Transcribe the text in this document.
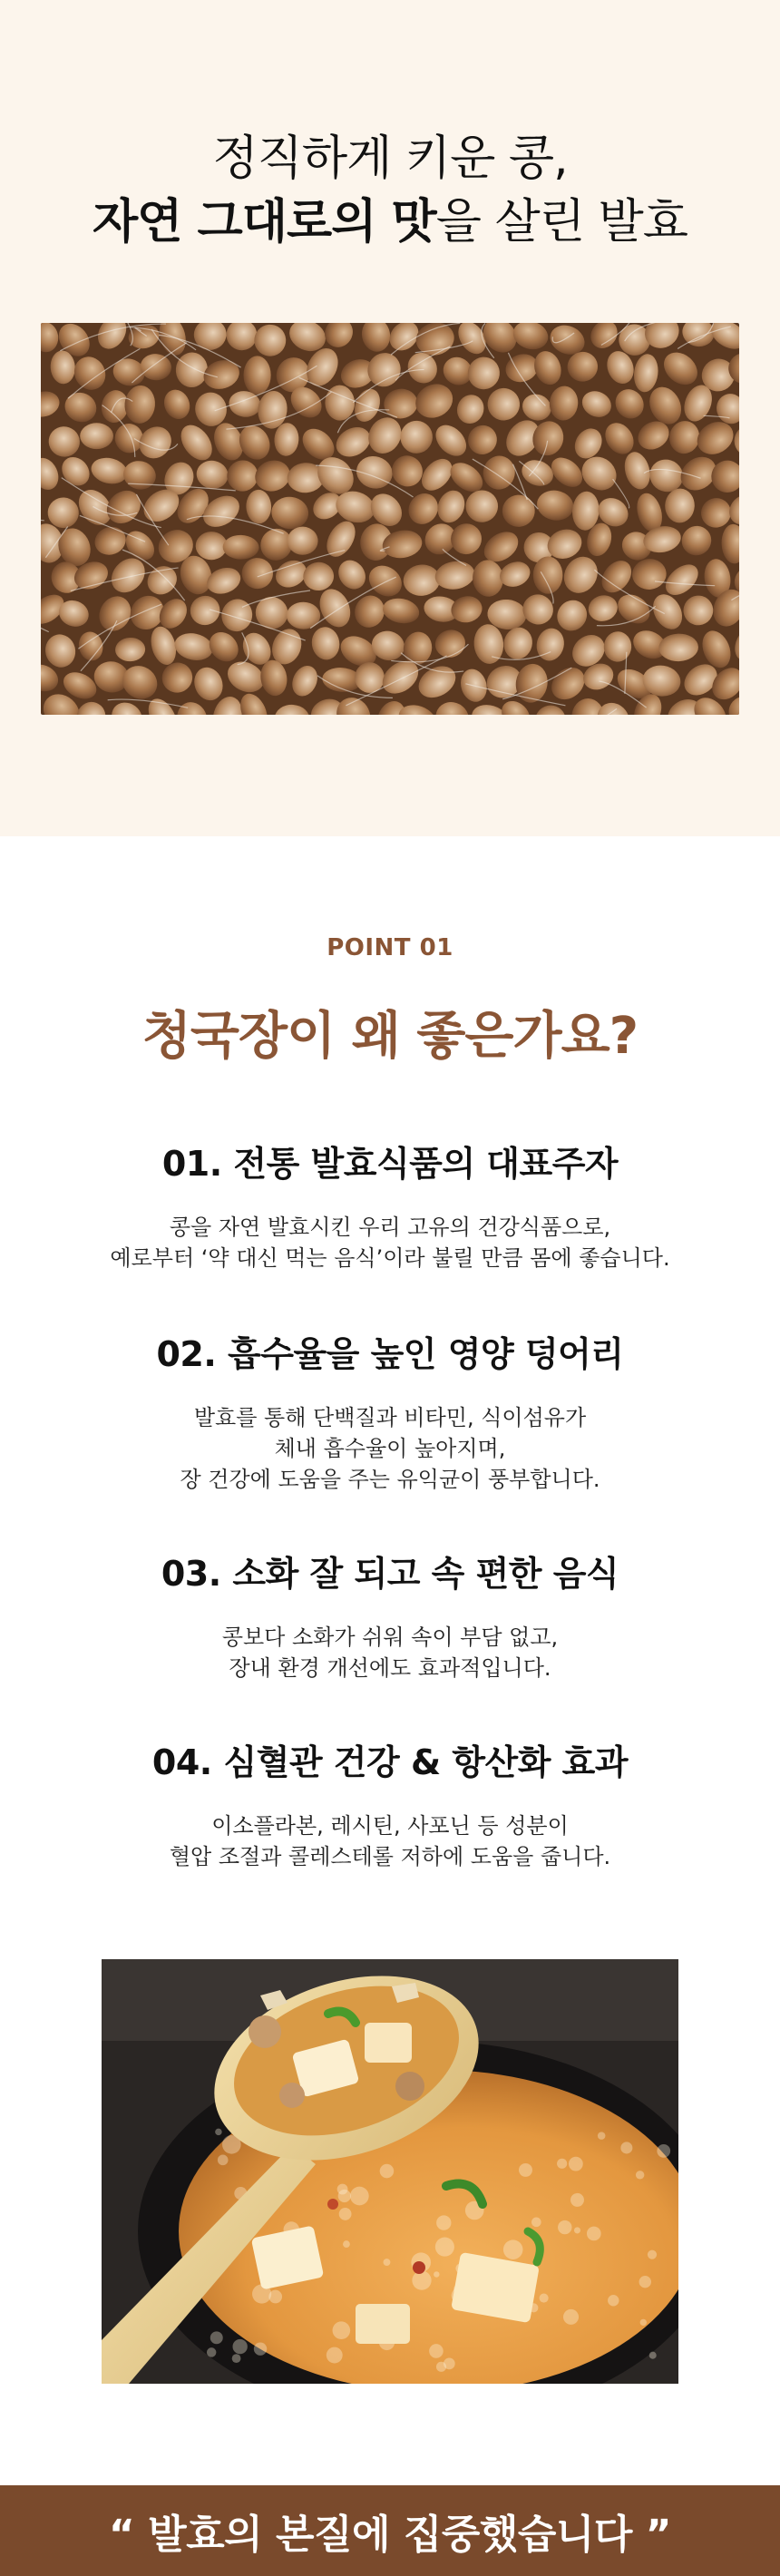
정직하게 키운 콩,
자연 그대로의 맛을 살린 발효
POINT 01
청국장이 왜 좋은가요?
01. 전통 발효식품의 대표주자

콩을 자연 발효시킨 우리 고유의 건강식품으로,
예로부터 ‘약 대신 먹는 음식’이라 불릴 만큼 몸에 좋습니다.

02. 흡수율을 높인 영양 덩어리

발효를 통해 단백질과 비타민, 식이섬유가
체내 흡수율이 높아지며,
장 건강에 도움을 주는 유익균이 풍부합니다.

03. 소화 잘 되고 속 편한 음식

콩보다 소화가 쉬워 속이 부담 없고,
장내 환경 개선에도 효과적입니다.

04. 심혈관 건강 & 항산화 효과

이소플라본, 레시틴, 사포닌 등 성분이
혈압 조절과 콜레스테롤 저하에 도움을 줍니다.

“ 발효의 본질에 집중했습니다 ”
